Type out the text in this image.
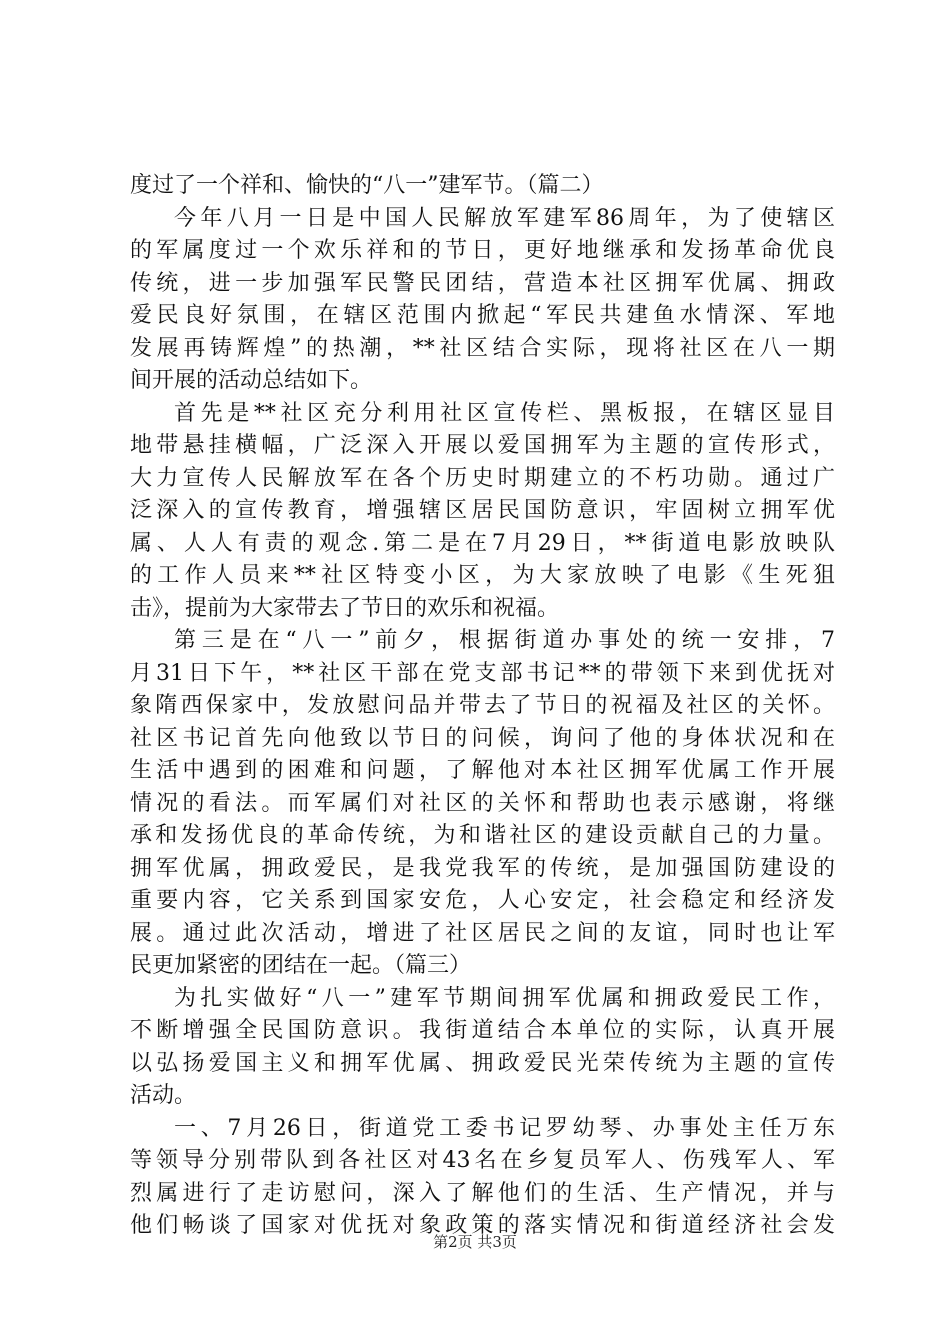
度过了一个祥和、愉快的“八一”建军节。（篇二）
今年八月一日是中国人民解放军建军86周年，为了使辖区
的军属度过一个欢乐祥和的节日，更好地继承和发扬革命优良
传统，进一步加强军民警民团结，营造本社区拥军优属、拥政
爱民良好氛围，在辖区范围内掀起“军民共建鱼水情深、军地
发展再铸辉煌”的热潮，**社区结合实际，现将社区在八一期
间开展的活动总结如下。
首先是**社区充分利用社区宣传栏、黑板报，在辖区显目
地带悬挂横幅，广泛深入开展以爱国拥军为主题的宣传形式，
大力宣传人民解放军在各个历史时期建立的不朽功勋。通过广
泛深入的宣传教育，增强辖区居民国防意识，牢固树立拥军优
属、人人有责的观念.第二是在7月29日，**街道电影放映队
的工作人员来**社区特变小区，为大家放映了电影《生死狙
击》，提前为大家带去了节日的欢乐和祝福。
第三是在“八一”前夕，根据街道办事处的统一安排，7
月31日下午，**社区干部在党支部书记**的带领下来到优抚对
象隋西保家中，发放慰问品并带去了节日的祝福及社区的关怀。
社区书记首先向他致以节日的问候，询问了他的身体状况和在
生活中遇到的困难和问题，了解他对本社区拥军优属工作开展
情况的看法。而军属们对社区的关怀和帮助也表示感谢，将继
承和发扬优良的革命传统，为和谐社区的建设贡献自己的力量。
拥军优属，拥政爱民，是我党我军的传统，是加强国防建设的
重要内容，它关系到国家安危，人心安定，社会稳定和经济发
展。通过此次活动，增进了社区居民之间的友谊，同时也让军
民更加紧密的团结在一起。（篇三）
为扎实做好“八一”建军节期间拥军优属和拥政爱民工作，
不断增强全民国防意识。我街道结合本单位的实际，认真开展
以弘扬爱国主义和拥军优属、拥政爱民光荣传统为主题的宣传
活动。
一、7月26日，街道党工委书记罗幼琴、办事处主任万东
等领导分别带队到各社区对43名在乡复员军人、伤残军人、军
烈属进行了走访慰问，深入了解他们的生活、生产情况，并与
他们畅谈了国家对优抚对象政策的落实情况和街道经济社会发
第2页 共3页
